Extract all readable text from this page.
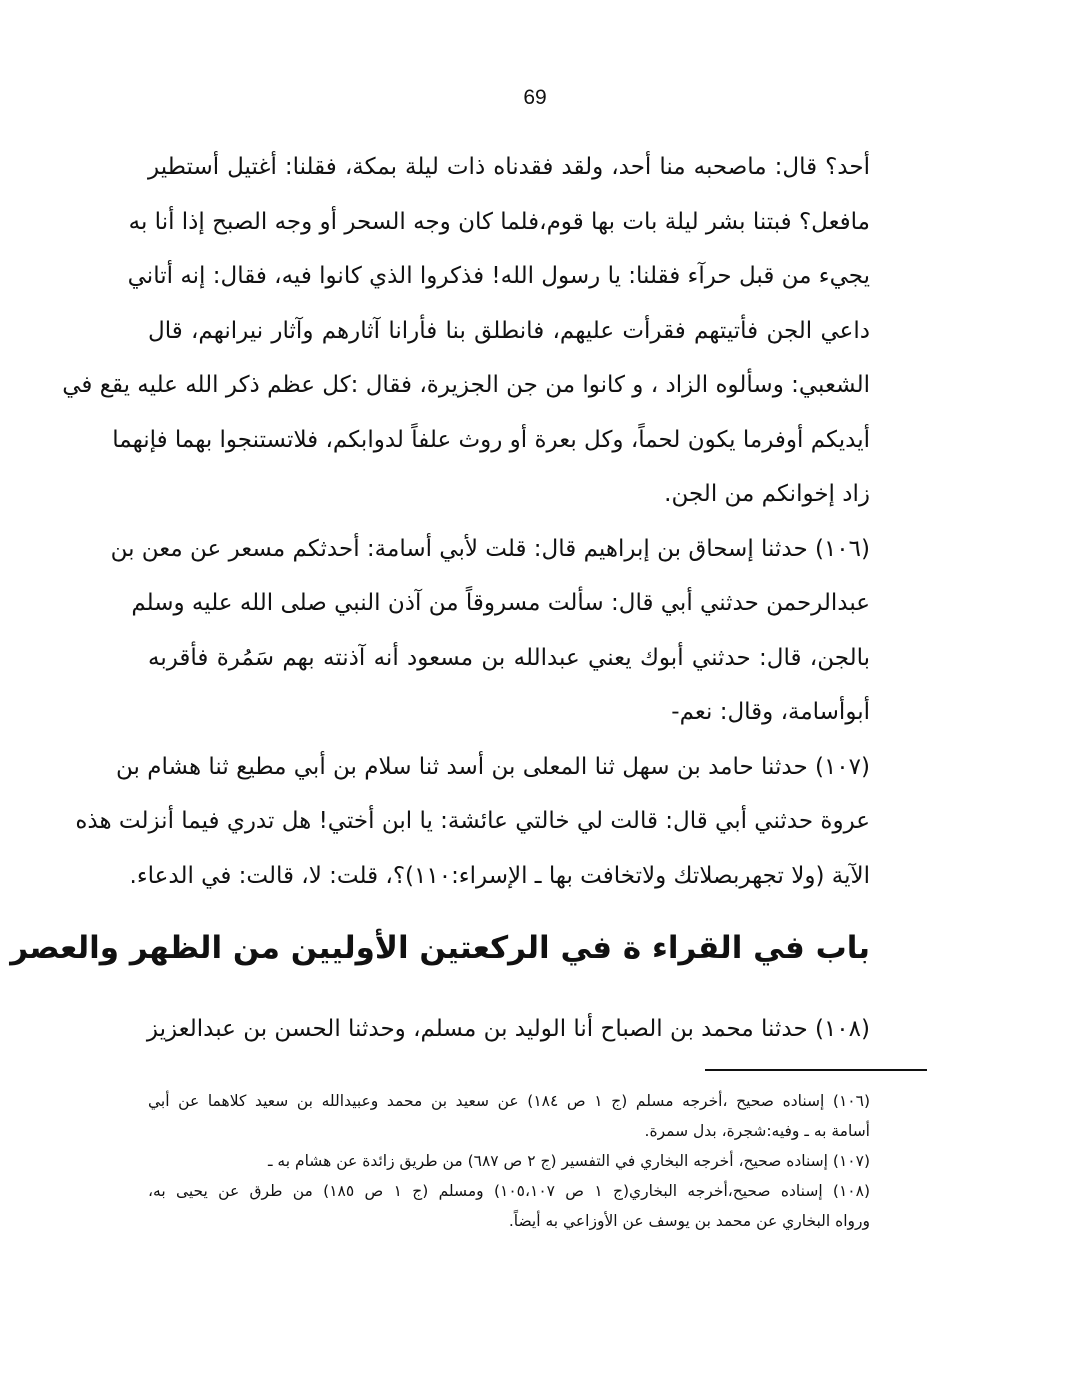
69
أحد؟ قال: ماصحبه منا أحد، ولقد فقدناه ذات ليلة بمكة، فقلنا: أغتيل أستطير
مافعل؟ فبتنا بشر ليلة بات بها قوم،فلما كان وجه السحر أو وجه الصبح إذا أنا به
يجيء من قبل حرآء فقلنا: يا رسول الله! فذكروا الذي كانوا فيه، فقال: إنه أتاني
داعي الجن فأتيتهم فقرأت عليهم، فانطلق بنا فأرانا آثارهم وآثار نيرانهم، قال
الشعبي: وسألوه الزاد ، و كانوا من جن الجزيرة، فقال :كل عظم ذكر الله عليه يقع في
أيديكم أوفرما يكون لحماً، وكل بعرة أو روث علفاً لدوابكم، فلاتستنجوا بهما فإنهما
زاد إخوانكم من الجن.
(١٠٦) حدثنا إسحاق بن إبراهيم قال: قلت لأبي أسامة: أحدثكم مسعر عن معن بن
عبدالرحمن حدثني أبي قال: سألت مسروقاً من آذن النبي صلى الله عليه وسلم
بالجن، قال: حدثني أبوك يعني عبدالله بن مسعود أنه آذنته بهم سَمُرة فأقربه
أبوأسامة، وقال: نعم-
(١٠٧) حدثنا حامد بن سهل ثنا المعلى بن أسد ثنا سلام بن أبي مطيع ثنا هشام بن
عروة حدثني أبي قال: قالت لي خالتي عائشة: يا ابن أختي! هل تدري فيما أنزلت هذه
الآية (ولا تجهربصلاتك ولاتخافت بها ـ الإسراء:١١٠)؟، قلت: لا، قالت: في الدعاء.
باب في القراء ة في الركعتين الأوليين من الظهر والعصر
(١٠٨) حدثنا محمد بن الصباح أنا الوليد بن مسلم، وحدثنا الحسن بن عبدالعزيز
(١٠٦) إسناده صحيح ،أخرجه مسلم (ج ١ ص ١٨٤) عن سعيد بن محمد وعبيدالله بن سعيد كلاهما عن أبي
أسامة به ـ وفيه:شجرة، بدل سمرة.
(١٠٧) إسناده صحيح، أخرجه البخاري في التفسير (ج ٢ ص ٦٨٧) من طريق زائدة عن هشام به ـ
(١٠٨) إسناده صحيح،أخرجه البخاري(ج ١ ص ١٠٥،١٠٧) ومسلم (ج ١ ص ١٨٥) من طرق عن يحيى به،
ورواه البخاري عن محمد بن يوسف عن الأوزاعي به أيضاً.
